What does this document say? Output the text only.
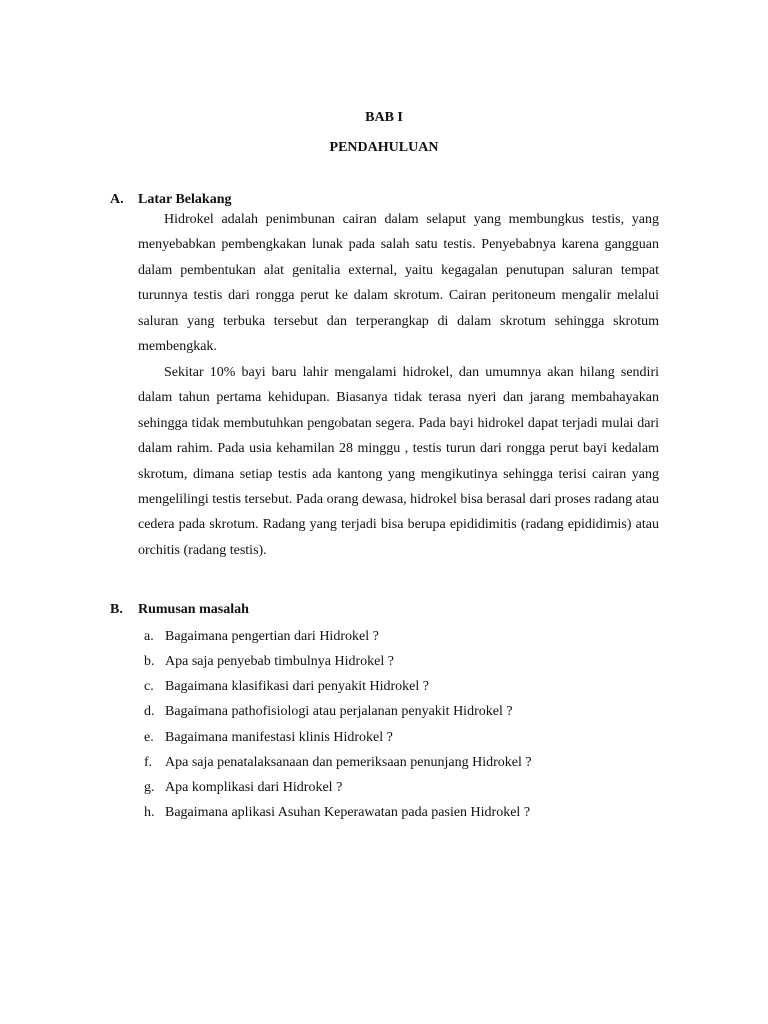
BAB I
PENDAHULUAN
A. Latar Belakang

Hidrokel adalah penimbunan cairan dalam selaput yang membungkus testis, yang menyebabkan pembengkakan lunak pada salah satu testis. Penyebabnya karena gangguan dalam pembentukan alat genitalia external, yaitu kegagalan penutupan saluran tempat turunnya testis dari rongga perut ke dalam skrotum. Cairan peritoneum mengalir melalui saluran yang terbuka tersebut dan terperangkap di dalam skrotum sehingga skrotum membengkak.

Sekitar 10% bayi baru lahir mengalami hidrokel, dan umumnya akan hilang sendiri dalam tahun pertama kehidupan. Biasanya tidak terasa nyeri dan jarang membahayakan sehingga tidak membutuhkan pengobatan segera. Pada bayi hidrokel dapat terjadi mulai dari dalam rahim. Pada usia kehamilan 28 minggu , testis turun dari rongga perut bayi kedalam skrotum, dimana setiap testis ada kantong yang mengikutinya sehingga terisi cairan yang mengelilingi testis tersebut. Pada orang dewasa, hidrokel bisa berasal dari proses radang atau cedera pada skrotum. Radang yang terjadi bisa berupa epididimitis (radang epididimis) atau orchitis (radang testis).

B. Rumusan masalah
a. Bagaimana pengertian dari Hidrokel ?
b. Apa saja penyebab timbulnya Hidrokel ?
c. Bagaimana klasifikasi dari penyakit Hidrokel ?
d. Bagaimana pathofisiologi atau perjalanan penyakit Hidrokel ?
e. Bagaimana manifestasi klinis Hidrokel ?
f. Apa saja penatalaksanaan dan pemeriksaan penunjang Hidrokel ?
g. Apa komplikasi dari Hidrokel ?
h. Bagaimana aplikasi Asuhan Keperawatan pada pasien Hidrokel ?
